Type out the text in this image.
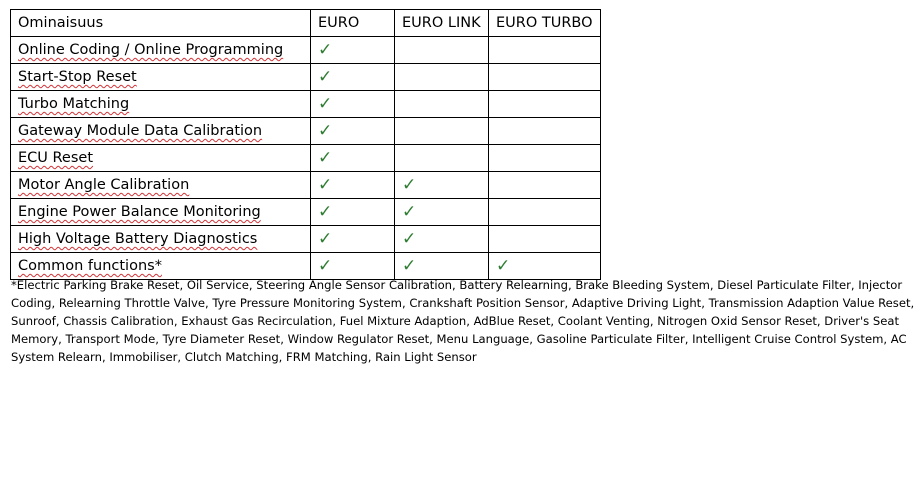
Ominaisuus	EURO	EURO LINK	EURO TURBO
Online Coding / Online Programming	✓		
Start-Stop Reset	✓		
Turbo Matching	✓		
Gateway Module Data Calibration	✓		
ECU Reset	✓		
Motor Angle Calibration	✓	✓	
Engine Power Balance Monitoring	✓	✓	
High Voltage Battery Diagnostics	✓	✓	
Common functions*	✓	✓	✓

*Electric Parking Brake Reset, Oil Service, Steering Angle Sensor Calibration, Battery Relearning, Brake Bleeding System, Diesel Particulate Filter, Injector Coding, Relearning Throttle Valve, Tyre Pressure Monitoring System, Crankshaft Position Sensor, Adaptive Driving Light, Transmission Adaption Value Reset, Sunroof, Chassis Calibration, Exhaust Gas Recirculation, Fuel Mixture Adaption, AdBlue Reset, Coolant Venting, Nitrogen Oxid Sensor Reset, Driver's Seat Memory, Transport Mode, Tyre Diameter Reset, Window Regulator Reset, Menu Language, Gasoline Particulate Filter, Intelligent Cruise Control System, AC System Relearn, Immobiliser, Clutch Matching, FRM Matching, Rain Light Sensor
